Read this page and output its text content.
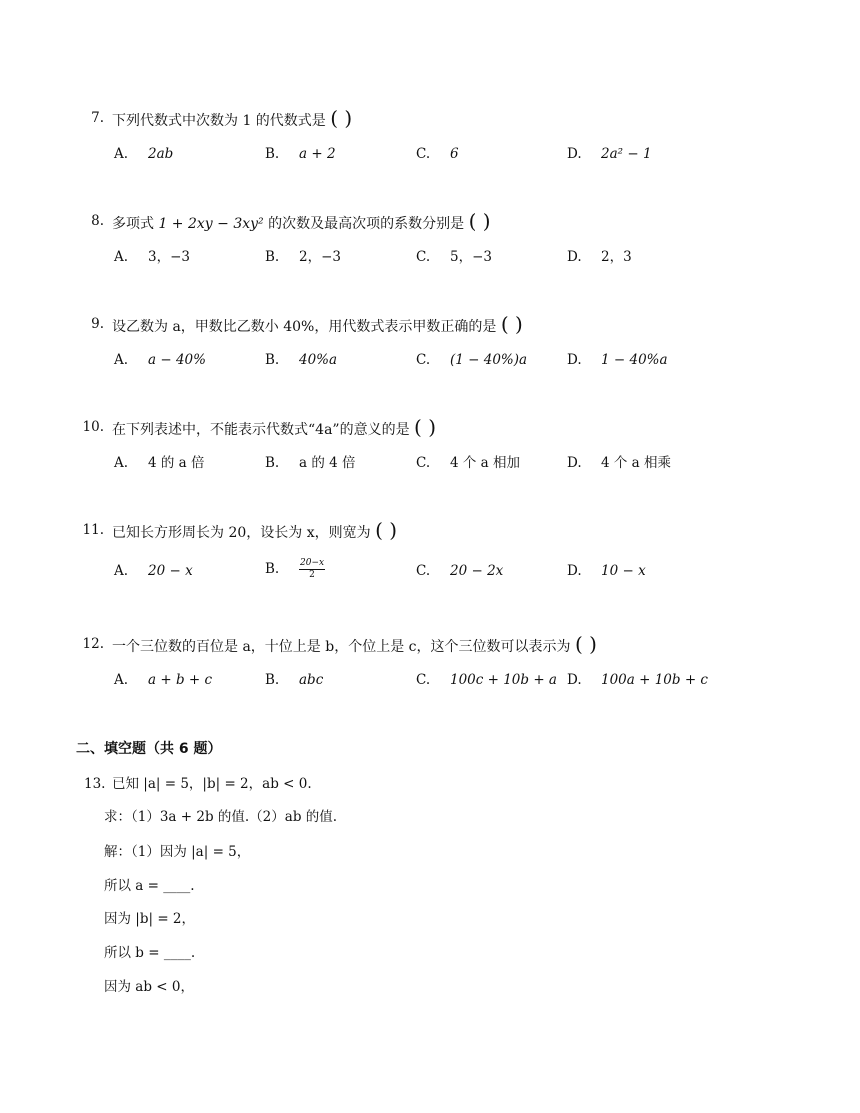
7. 下列代数式中次数为 1 的代数式是 ( )
A. 2ab	B. a + 2	C. 6	D. 2a² − 1
8. 多项式 1 + 2xy − 3xy² 的次数及最高次项的系数分别是 ( )
A. 3，−3	B. 2，−3	C. 5，−3	D. 2，3
9. 设乙数为 a，甲数比乙数小 40%，用代数式表示甲数正确的是 ( )
A. a − 40%	B. 40%a	C. (1 − 40%)a	D. 1 − 40%a
10. 在下列表述中，不能表示代数式“4a”的意义的是 ( )
A. 4 的 a 倍	B. a 的 4 倍	C. 4 个 a 相加	D. 4 个 a 相乘
11. 已知长方形周长为 20，设长为 x，则宽为 ( )
A. 20 − x	B. $\frac{20-x}{2}$	C. 20 − 2x	D. 10 − x
12. 一个三位数的百位是 a，十位上是 b，个位上是 c，这个三位数可以表示为 ( )
A. a + b + c	B. abc	C. 100c + 10b + a D. 100a + 10b + c
二、填空题（共 6 题）
13. 已知 |a| = 5，|b| = 2，ab < 0.
求：（1）3a + 2b 的值.（2）ab 的值.
解：（1）因为 |a| = 5，
所以 a = ____.
因为 |b| = 2，
所以 b = ____.
因为 ab < 0，
